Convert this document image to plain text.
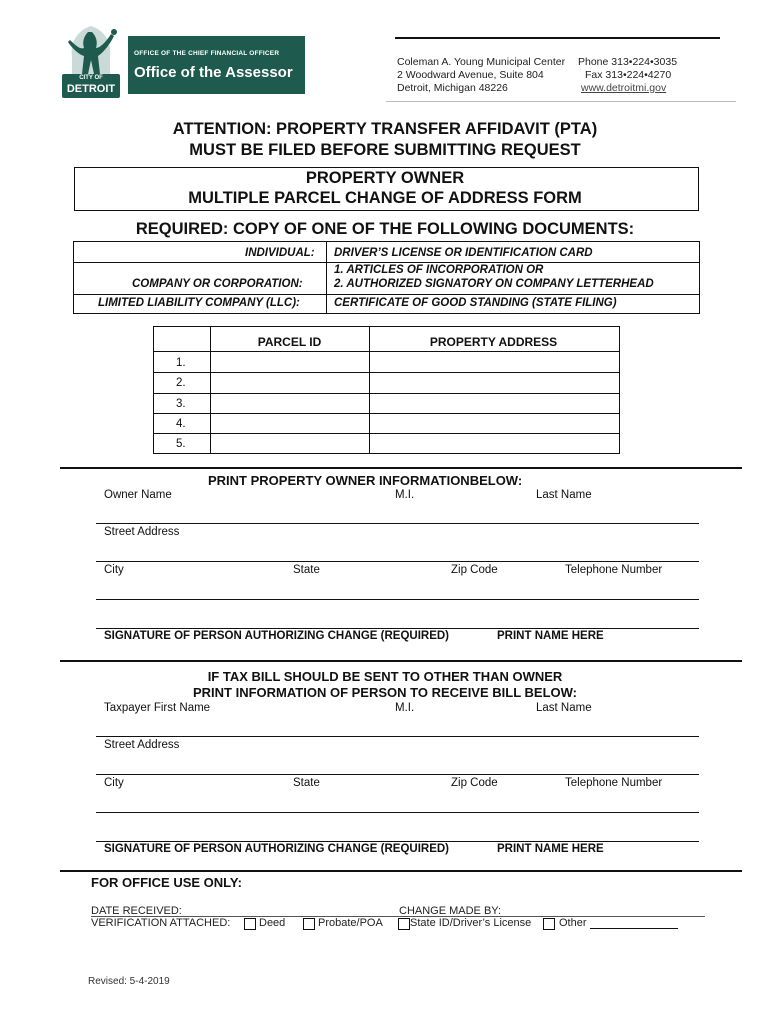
CITY OF
DETROIT
OFFICE OF THE CHIEF FINANCIAL OFFICER
Office of the Assessor
Coleman A. Young Municipal Center
2 Woodward Avenue, Suite 804
Detroit, Michigan 48226
Phone 313•224•3035
Fax 313•224•4270
www.detroitmi.gov
ATTENTION: PROPERTY TRANSFER AFFIDAVIT (PTA)
MUST BE FILED BEFORE SUBMITTING REQUEST
PROPERTY OWNER
MULTIPLE PARCEL CHANGE OF ADDRESS FORM
REQUIRED: COPY OF ONE OF THE FOLLOWING DOCUMENTS:
INDIVIDUAL: DRIVER’S LICENSE OR IDENTIFICATION CARD
COMPANY OR CORPORATION:
1. ARTICLES OF INCORPORATION OR
2. AUTHORIZED SIGNATORY ON COMPANY LETTERHEAD
LIMITED LIABILITY COMPANY (LLC):	CERTIFICATE OF GOOD STANDING (STATE FILING)
PARCEL ID	PROPERTY ADDRESS
1.
2.
3.
4.
5.
PRINT PROPERTY OWNER INFORMATIONBELOW:
Owner Name	M.I.	Last Name
Street Address
City	State	Zip Code	Telephone Number
SIGNATURE OF PERSON AUTHORIZING CHANGE (REQUIRED)	PRINT NAME HERE
IF TAX BILL SHOULD BE SENT TO OTHER THAN OWNER
PRINT INFORMATION OF PERSON TO RECEIVE BILL BELOW:
Taxpayer First Name	M.I.	Last Name
Street Address
City	State	Zip Code	Telephone Number
SIGNATURE OF PERSON AUTHORIZING CHANGE (REQUIRED)	PRINT NAME HERE
FOR OFFICE USE ONLY:
DATE RECEIVED:	CHANGE MADE BY:
VERIFICATION ATTACHED:	Deed	Probate/POA State ID/Driver’s License	Other
Revised: 5-4-2019
